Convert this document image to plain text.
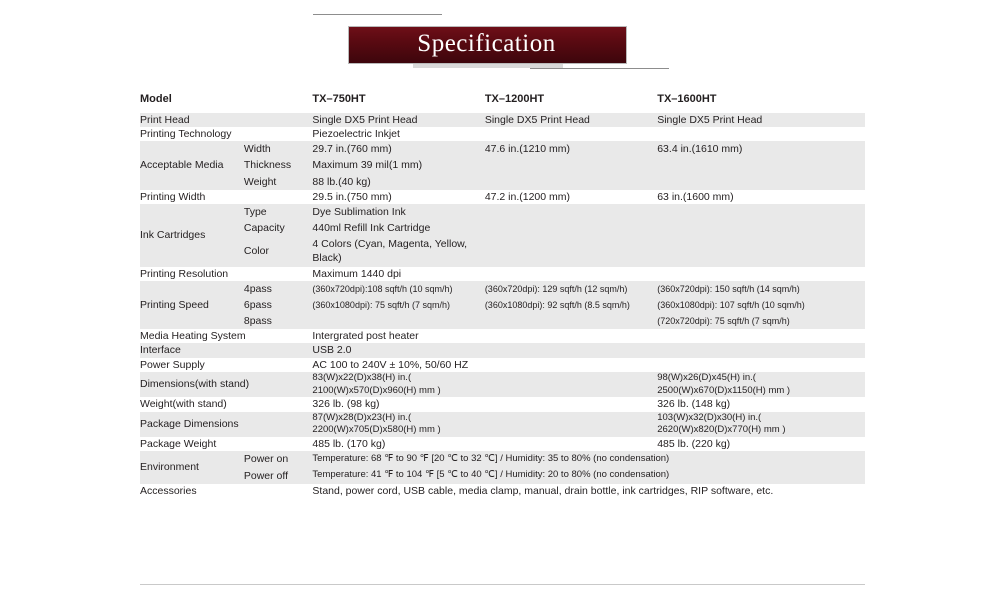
Specification
Model		TX–750HT	TX–1200HT	TX–1600HT
Print Head		Single DX5 Print Head	Single DX5 Print Head	Single DX5 Print Head
Printing Technology		Piezoelectric Inkjet		
Acceptable Media	Width	29.7 in.(760 mm)	47.6 in.(1210 mm)	63.4 in.(1610 mm)
	Thickness	Maximum 39 mil(1 mm)		
	Weight	88 lb.(40 kg)		
Printing Width		29.5 in.(750 mm)	47.2 in.(1200 mm)	63 in.(1600 mm)
Ink Cartridges	Type	Dye Sublimation Ink		
	Capacity	440ml Refill Ink Cartridge		
	Color	4 Colors (Cyan, Magenta, Yellow, Black)		
Printing Resolution		Maximum 1440 dpi		
Printing Speed	4pass	(360x720dpi):108 sqft/h (10 sqm/h)	(360x720dpi): 129 sqft/h (12 sqm/h)	(360x720dpi): 150 sqft/h (14 sqm/h)
	6pass	(360x1080dpi): 75 sqft/h (7 sqm/h)	(360x1080dpi): 92 sqft/h (8.5 sqm/h)	(360x1080dpi): 107 sqft/h (10 sqm/h)
	8pass			(720x720dpi): 75 sqft/h (7 sqm/h)
Media Heating System		Intergrated post heater		
Interface		USB 2.0		
Power Supply		AC 100 to 240V ± 10%, 50/60 HZ		
Dimensions(with stand)		83(W)x22(D)x38(H) in.( 2100(W)x570(D)x960(H) mm )		98(W)x26(D)x45(H) in.( 2500(W)x670(D)x1150(H) mm )
Weight(with stand)		326 lb. (98 kg)		326 lb. (148 kg)
Package Dimensions		87(W)x28(D)x23(H) in.( 2200(W)x705(D)x580(H) mm )		103(W)x32(D)x30(H) in.( 2620(W)x820(D)x770(H) mm )
Package Weight		485 lb. (170 kg)		485 lb. (220 kg)
Environment	Power on	Temperature: 68 ℉ to 90 ℉ [20 ℃ to 32 ℃] / Humidity: 35 to 80% (no condensation)		
	Power off	Temperature: 41 ℉ to 104 ℉ [5 ℃ to 40 ℃] / Humidity: 20 to 80% (no condensation)		
Accessories		Stand, power cord, USB cable, media clamp, manual, drain bottle, ink cartridges, RIP software, etc.		
